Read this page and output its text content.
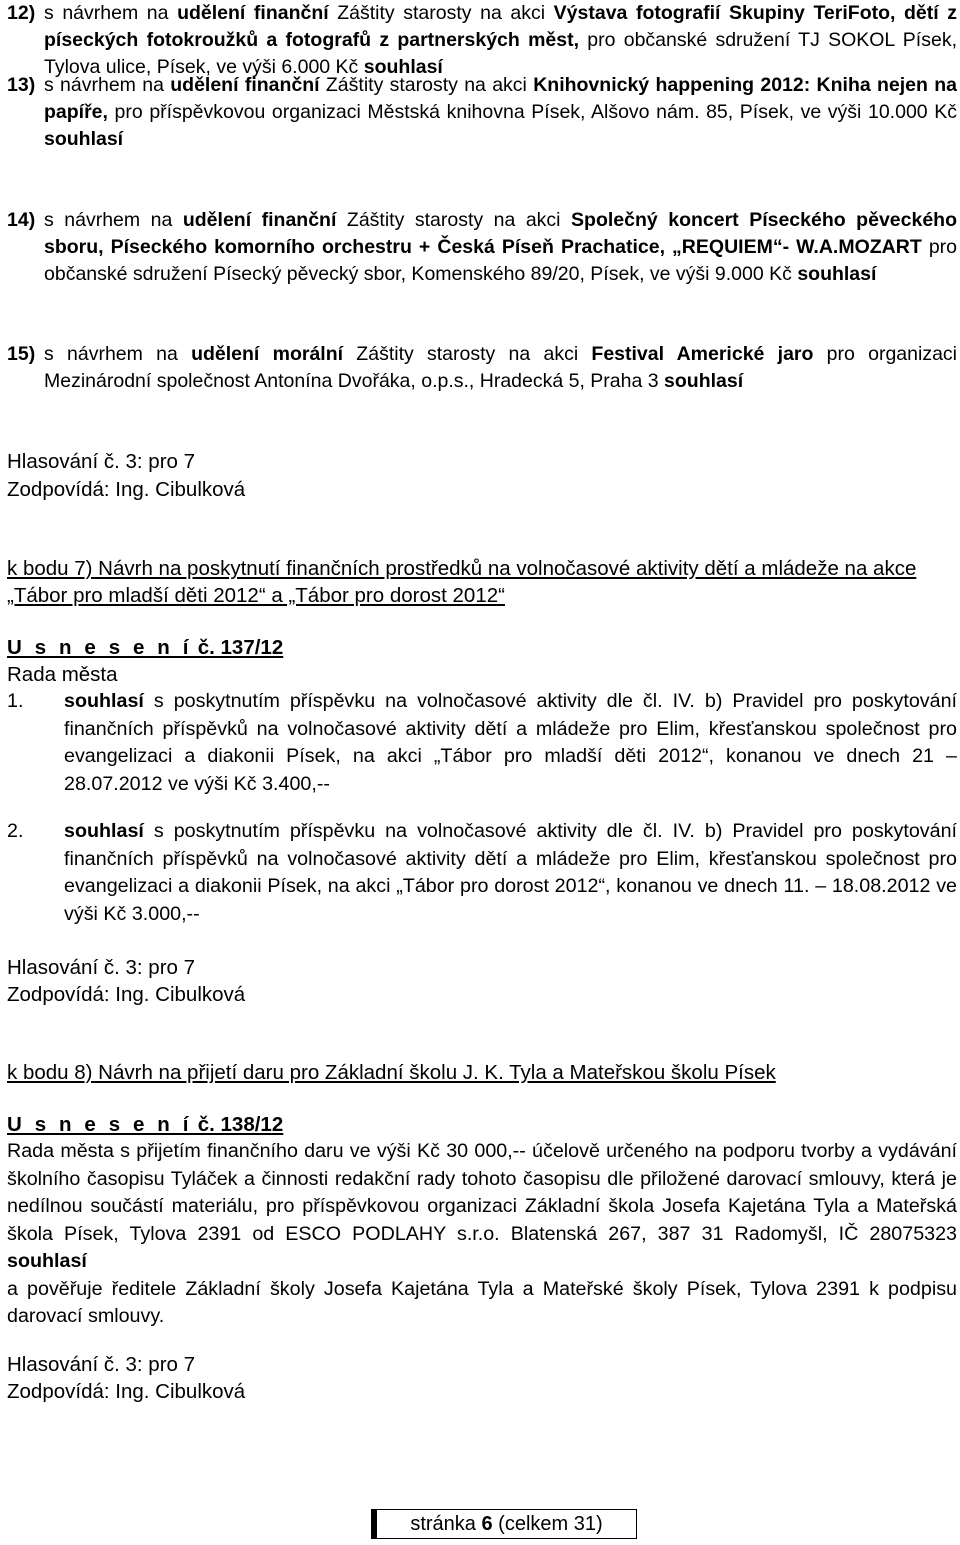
12) s návrhem na udělení finanční Záštity starosty na akci Výstava fotografií Skupiny TeriFoto, dětí z píseckých fotokroužků a fotografů z partnerských měst, pro občanské sdružení TJ SOKOL Písek, Tylova ulice, Písek, ve výši 6.000 Kč souhlasí
13) s návrhem na udělení finanční Záštity starosty na akci Knihovnický happening 2012: Kniha nejen na papíře, pro příspěvkovou organizaci Městská knihovna Písek, Alšovo nám. 85, Písek, ve výši 10.000 Kč souhlasí
14) s návrhem na udělení finanční Záštity starosty na akci Společný koncert Píseckého pěveckého sboru, Píseckého komorního orchestru + Česká Píseň Prachatice, „REQUIEM“- W.A.MOZART pro občanské sdružení Písecký pěvecký sbor, Komenského 89/20, Písek, ve výši 9.000 Kč souhlasí
15) s návrhem na udělení morální Záštity starosty na akci Festival Americké jaro pro organizaci Mezinárodní společnost Antonína Dvořáka, o.p.s., Hradecká 5, Praha 3 souhlasí
Hlasování č. 3: pro 7
Zodpovídá: Ing. Cibulková
k bodu 7) Návrh na poskytnutí finančních prostředků na volnočasové aktivity dětí a mládeže na akce „Tábor pro mladší děti 2012“ a „Tábor pro dorost 2012“
U s n e s e n í č. 137/12
Rada města
1. souhlasí s poskytnutím příspěvku na volnočasové aktivity dle čl. IV. b) Pravidel pro poskytování finančních příspěvků na volnočasové aktivity dětí a mládeže pro Elim, křesťanskou společnost pro evangelizaci a diakonii Písek, na akci „Tábor pro mladší děti 2012“, konanou ve dnech 21 – 28.07.2012 ve výši Kč 3.400,--
2. souhlasí s poskytnutím příspěvku na volnočasové aktivity dle čl. IV. b) Pravidel pro poskytování finančních příspěvků na volnočasové aktivity dětí a mládeže pro Elim, křesťanskou společnost pro evangelizaci a diakonii Písek, na akci „Tábor pro dorost 2012“, konanou ve dnech 11. – 18.08.2012 ve výši Kč 3.000,--
Hlasování č. 3: pro 7
Zodpovídá: Ing. Cibulková
k bodu 8) Návrh na přijetí daru pro Základní školu J. K. Tyla a Mateřskou školu Písek
U s n e s e n í č. 138/12
Rada města s přijetím finančního daru ve výši Kč 30 000,-- účelově určeného na podporu tvorby a vydávání školního časopisu Tyláček a činnosti redakční rady tohoto časopisu dle přiložené darovací smlouvy, která je nedílnou součástí materiálu, pro příspěvkovou organizaci Základní škola Josefa Kajetána Tyla a Mateřská škola Písek, Tylova 2391 od ESCO PODLAHY s.r.o. Blatenská 267, 387 31 Radomyšl, IČ 28075323 souhlasí
a pověřuje ředitele Základní školy Josefa Kajetána Tyla a Mateřské školy Písek, Tylova 2391 k podpisu darovací smlouvy.
Hlasování č. 3: pro 7
Zodpovídá: Ing. Cibulková
stránka 6 (celkem 31)
